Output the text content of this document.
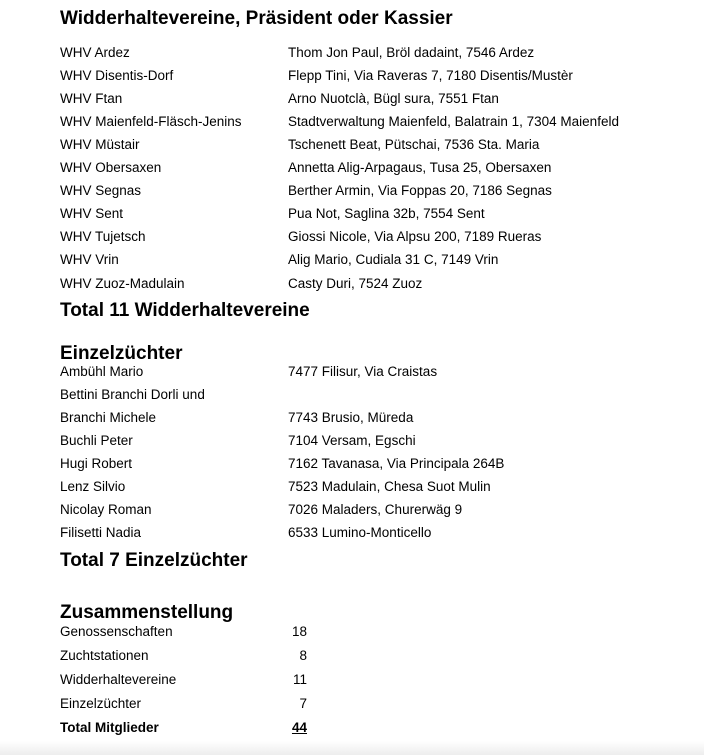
Widderhaltevereine, Präsident oder Kassier
WHV Ardez	Thom Jon Paul, Bröl dadaint, 7546 Ardez
WHV Disentis-Dorf	Flepp Tini, Via Raveras 7, 7180 Disentis/Mustèr
WHV Ftan	Arno Nuotclà, Bügl sura, 7551 Ftan
WHV Maienfeld-Fläsch-Jenins	Stadtverwaltung Maienfeld, Balatrain 1, 7304 Maienfeld
WHV Müstair	Tschenett Beat, Pütschai, 7536 Sta. Maria
WHV Obersaxen	Annetta Alig-Arpagaus, Tusa 25, Obersaxen
WHV Segnas	Berther Armin, Via Foppas 20, 7186 Segnas
WHV Sent	Pua Not, Saglina 32b, 7554 Sent
WHV Tujetsch	Giossi Nicole, Via Alpsu 200, 7189 Rueras
WHV Vrin	Alig Mario, Cudiala 31 C, 7149 Vrin
WHV Zuoz-Madulain	Casty Duri, 7524 Zuoz
Total 11 Widderhaltevereine
Einzelzüchter
Ambühl Mario	7477 Filisur, Via Craistas
Bettini Branchi Dorli und
Branchi Michele	7743 Brusio, Müreda
Buchli Peter	7104 Versam, Egschi
Hugi Robert	7162 Tavanasa, Via Principala 264B
Lenz Silvio	7523 Madulain, Chesa Suot Mulin
Nicolay Roman	7026 Maladers, Churerwäg 9
Filisetti Nadia	6533 Lumino-Monticello
Total 7 Einzelzüchter
Zusammenstellung
Genossenschaften	18
Zuchtstationen	8
Widderhaltevereine	11
Einzelzüchter	7
Total Mitglieder	44
